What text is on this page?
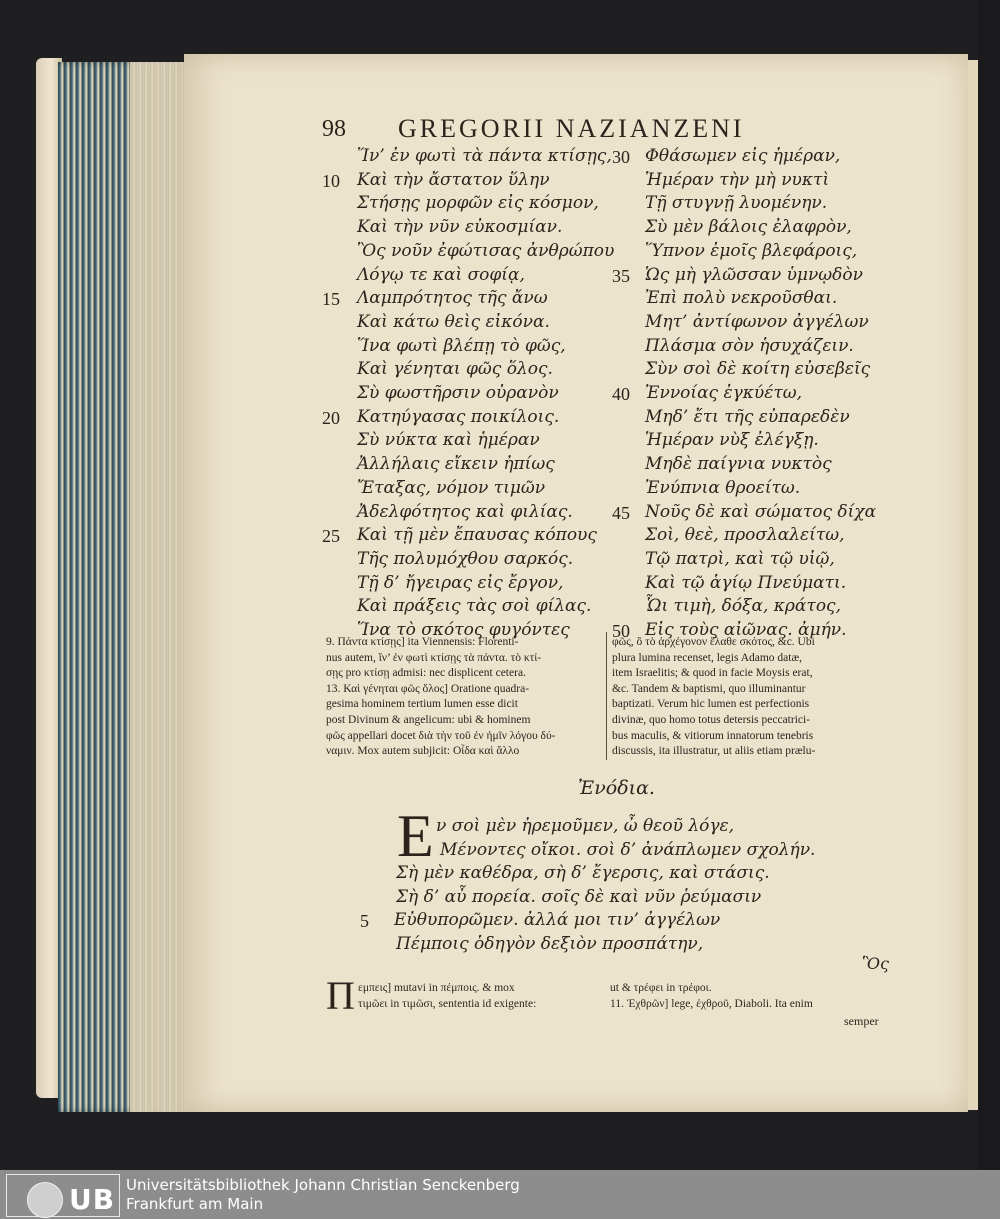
98 GREGORII NAZIANZENI
Ἵν’ ἐν φωτὶ τὰ πάντα κτίσῃς,
10 Καὶ τὴν ἄστατον ὕλην
Στήσῃς μορφῶν εἰς κόσμον,
Καὶ τὴν νῦν εὐκοσμίαν.
Ὃς νοῦν ἐφώτισας ἀνθρώπου
Λόγῳ τε καὶ σοφίᾳ,
15 Λαμπρότητος τῆς ἄνω
Καὶ κάτω θεὶς εἰκόνα.
Ἵνα φωτὶ βλέπῃ τὸ φῶς,
Καὶ γένηται φῶς ὅλος.
Σὺ φωστῆρσιν οὐρανὸν
20 Κατηύγασας ποικίλοις.
Σὺ νύκτα καὶ ἡμέραν
Ἀλλήλαις εἴκειν ἠπίως
Ἔταξας, νόμον τιμῶν
Ἀδελφότητος καὶ φιλίας.
25 Καὶ τῇ μὲν ἔπαυσας κόπους
Τῆς πολυμόχθου σαρκός.
Τῇ δ’ ἤγειρας εἰς ἔργον,
Καὶ πράξεις τὰς σοὶ φίλας.
Ἵνα τὸ σκότος φυγόντες
30 Φθάσωμεν εἰς ἡμέραν,
Ἡμέραν τὴν μὴ νυκτὶ
Τῇ στυγνῇ λυομένην.
Σὺ μὲν βάλοις ἐλαφρὸν,
Ὕπνον ἐμοῖς βλεφάροις,
35 Ὡς μὴ γλῶσσαν ὑμνῳδὸν
Ἐπὶ πολὺ νεκροῦσθαι.
Μητ’ ἀντίφωνον ἀγγέλων
Πλάσμα σὸν ἡσυχάζειν.
Σὺν σοὶ δὲ κοίτη εὐσεβεῖς
40 Ἐννοίας ἐγκύέτω,
Μηδ’ ἔτι τῆς εὐπαρεδὲν
Ἡμέραν νὺξ ἐλέγξῃ.
Μηδὲ παίγνια νυκτὸς
Ἐνύπνια θροείτω.
45 Νοῦς δὲ καὶ σώματος δίχα
Σοὶ, θεὲ, προσλαλείτω,
Τῷ πατρὶ, καὶ τῷ υἱῷ,
Καὶ τῷ ἁγίῳ Πνεύματι.
Ὧι τιμὴ, δόξα, κράτος,
50 Εἰς τοὺς αἰῶνας. ἀμήν.
9. Πάντα κτίσῃς] ita Viennensis: Florenti-
nus autem, ἵν’ ἐν φωτὶ κτίσῃς τὰ πάντα. τὸ κτί-
σῃς pro κτίσῃ admisi: nec displicent cetera.
13. Καὶ γένηται φῶς ὅλος] Oratione quadra-
gesima hominem tertium lumen esse dicit
post Divinum & angelicum: ubi & hominem
φῶς appellari docet διὰ τὴν τοῦ ἐν ἡμῖν λόγου δύ-
ναμιν. Mox autem subjicit: Οἶδα καὶ ἄλλο
φῶς, ὃ τὸ ἀρχέγονον ἔλαθε σκότος, &c. Ubi
plura lumina recenset, legis Adamo datæ,
item Israelitis; & quod in facie Moysis erat,
&c. Tandem & baptismi, quo illuminantur
baptizati. Verum hic lumen est perfectionis
divinæ, quo homo totus detersis peccatrici-
bus maculis, & vitiorum innatorum tenebris
discussis, ita illustratur, ut aliis etiam prælu-
Ἐνόδια.
Ε ν σοὶ μὲν ἠρεμοῦμεν, ὦ θεοῦ λόγε,
Μένοντες οἴκοι. σοὶ δ’ ἀνάπλωμεν σχολήν.
Σὴ μὲν καθέδρα, σὴ δ’ ἔγερσις, καὶ στάσις.
Σὴ δ’ αὖ πορεία. σοῖς δὲ καὶ νῦν ῥεύμασιν
5 Εὐθυπορῶμεν. ἀλλά μοι τιν’ ἀγγέλων
Πέμποις ὁδηγὸν δεξιὸν προσπάτην,
Ὃς
Π εμπεις] mutavi in πέμποις. & mox
τιμῶει in τιμῶσι, sententia id exigente:
ut & τρέφει in τρέφοι.
11. Ἐχθρῶν] lege, ἐχθροῦ, Diaboli. Ita enim
semper
UB Universitätsbibliothek Johann Christian Senckenberg
Frankfurt am Main
